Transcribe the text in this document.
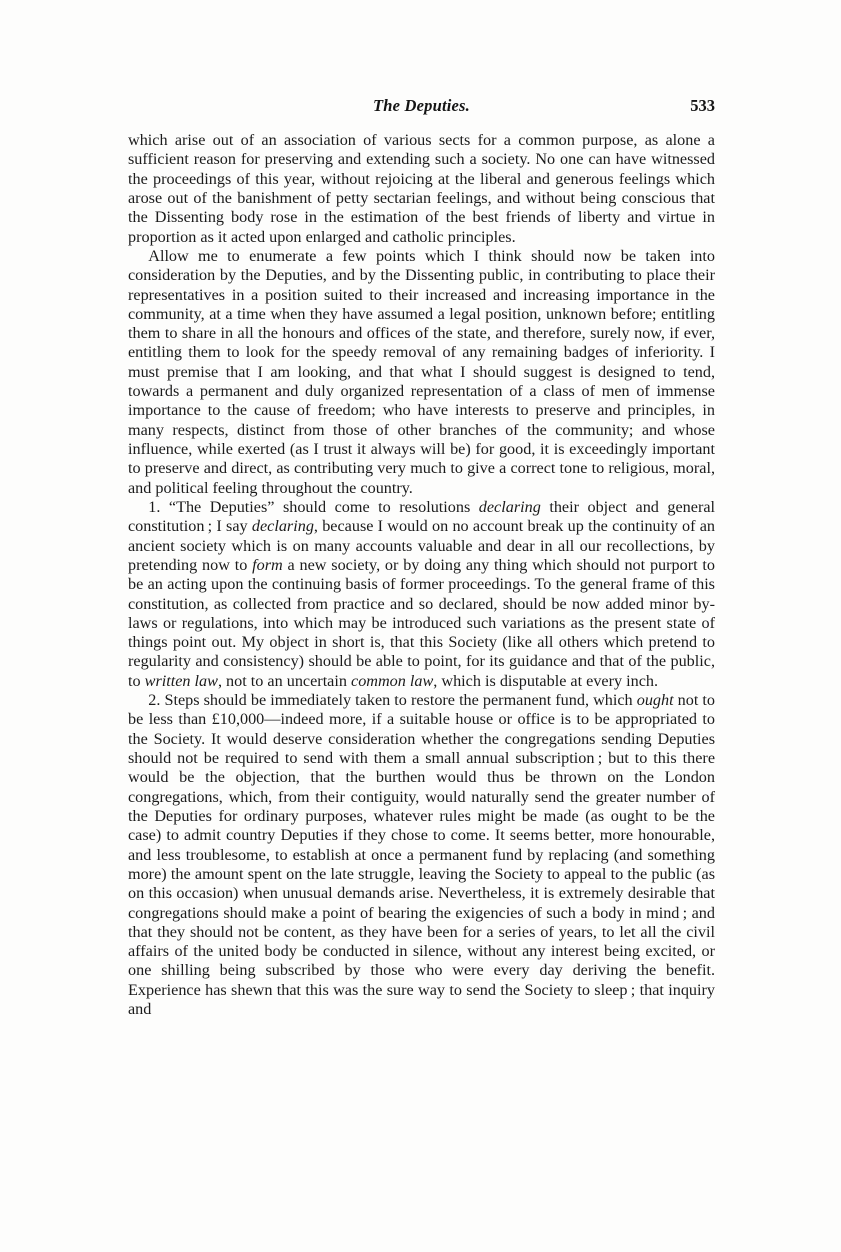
The Deputies.	533

which arise out of an association of various sects for a common purpose, as alone a sufficient reason for preserving and extending such a society. No one can have witnessed the proceedings of this year, without rejoicing at the liberal and generous feelings which arose out of the banishment of petty sectarian feelings, and without being conscious that the Dissenting body rose in the estimation of the best friends of liberty and virtue in proportion as it acted upon enlarged and catholic principles.

Allow me to enumerate a few points which I think should now be taken into consideration by the Deputies, and by the Dissenting public, in contributing to place their representatives in a position suited to their increased and increasing importance in the community, at a time when they have assumed a legal position, unknown before; entitling them to share in all the honours and offices of the state, and therefore, surely now, if ever, entitling them to look for the speedy removal of any remaining badges of inferiority. I must premise that I am looking, and that what I should suggest is designed to tend, towards a permanent and duly organized representation of a class of men of immense importance to the cause of freedom; who have interests to preserve and principles, in many respects, distinct from those of other branches of the community; and whose influence, while exerted (as I trust it always will be) for good, it is exceedingly important to preserve and direct, as contributing very much to give a correct tone to religious, moral, and political feeling throughout the country.

1. “The Deputies” should come to resolutions declaring their object and general constitution ; I say declaring, because I would on no account break up the continuity of an ancient society which is on many accounts valuable and dear in all our recollections, by pretending now to form a new society, or by doing any thing which should not purport to be an acting upon the continuing basis of former proceedings. To the general frame of this constitution, as collected from practice and so declared, should be now added minor by-laws or regulations, into which may be introduced such variations as the present state of things point out. My object in short is, that this Society (like all others which pretend to regularity and consistency) should be able to point, for its guidance and that of the public, to written law, not to an uncertain common law, which is disputable at every inch.

2. Steps should be immediately taken to restore the permanent fund, which ought not to be less than £10,000—indeed more, if a suitable house or office is to be appropriated to the Society. It would deserve consideration whether the congregations sending Deputies should not be required to send with them a small annual subscription ; but to this there would be the objection, that the burthen would thus be thrown on the London congregations, which, from their contiguity, would naturally send the greater number of the Deputies for ordinary purposes, whatever rules might be made (as ought to be the case) to admit country Deputies if they chose to come. It seems better, more honourable, and less troublesome, to establish at once a permanent fund by replacing (and something more) the amount spent on the late struggle, leaving the Society to appeal to the public (as on this occasion) when unusual demands arise. Nevertheless, it is extremely desirable that congregations should make a point of bearing the exigencies of such a body in mind ; and that they should not be content, as they have been for a series of years, to let all the civil affairs of the united body be conducted in silence, without any interest being excited, or one shilling being subscribed by those who were every day deriving the benefit. Experience has shewn that this was the sure way to send the Society to sleep ; that inquiry and
